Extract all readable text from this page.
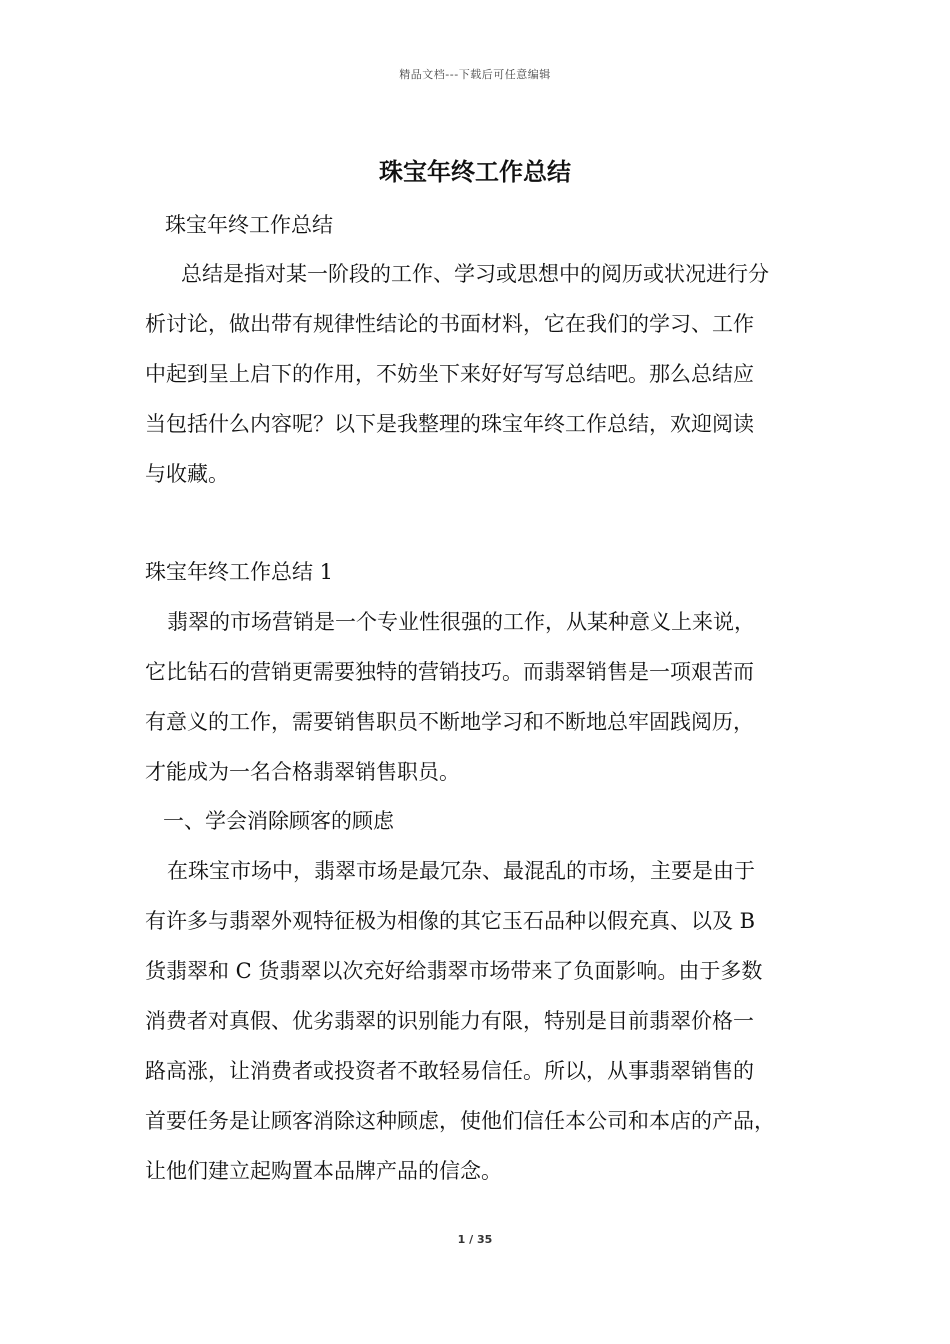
精品文档---下载后可任意编辑
珠宝年终工作总结
珠宝年终工作总结
总结是指对某一阶段的工作、学习或思想中的阅历或状况进行分
析讨论，做出带有规律性结论的书面材料，它在我们的学习、工作
中起到呈上启下的作用，不妨坐下来好好写写总结吧。那么总结应
当包括什么内容呢？以下是我整理的珠宝年终工作总结，欢迎阅读
与收藏。
珠宝年终工作总结 1
翡翠的市场营销是一个专业性很强的工作，从某种意义上来说，
它比钻石的营销更需要独特的营销技巧。而翡翠销售是一项艰苦而
有意义的工作，需要销售职员不断地学习和不断地总牢固践阅历，
才能成为一名合格翡翠销售职员。
一、学会消除顾客的顾虑
在珠宝市场中，翡翠市场是最冗杂、最混乱的市场，主要是由于
有许多与翡翠外观特征极为相像的其它玉石品种以假充真、以及 B
货翡翠和 C 货翡翠以次充好给翡翠市场带来了负面影响。由于多数
消费者对真假、优劣翡翠的识别能力有限，特别是目前翡翠价格一
路高涨，让消费者或投资者不敢轻易信任。所以，从事翡翠销售的
首要任务是让顾客消除这种顾虑，使他们信任本公司和本店的产品，
让他们建立起购置本品牌产品的信念。
1 / 35
